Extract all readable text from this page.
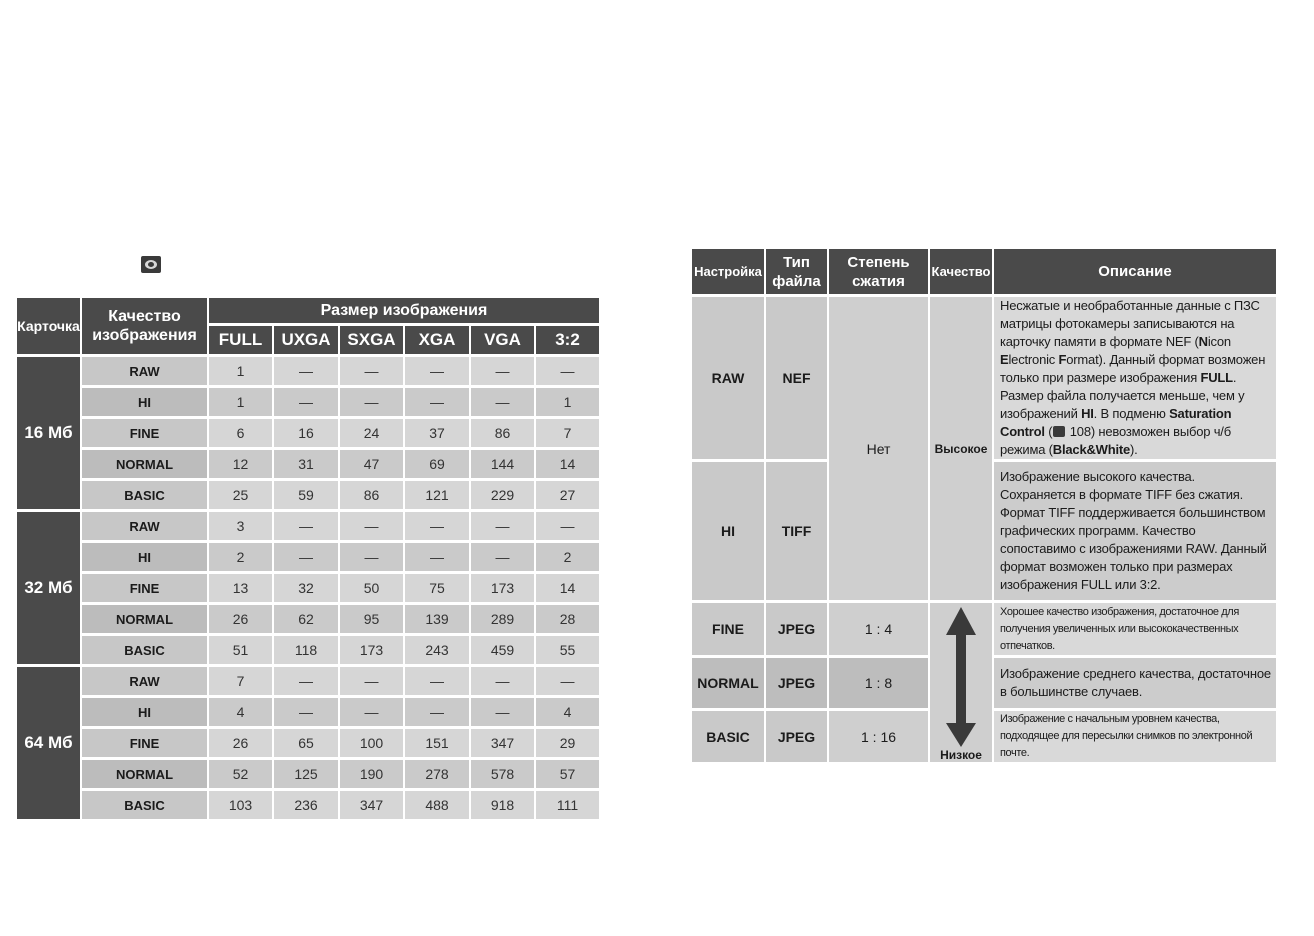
Карточка	Качество изображения	Размер изображения					
		FULL	UXGA	SXGA	XGA	VGA	3:2
16 Мб	RAW	1	—	—	—	—	—
	HI	1	—	—	—	—	1
	FINE	6	16	24	37	86	7
	NORMAL	12	31	47	69	144	14
	BASIC	25	59	86	121	229	27
32 Мб	RAW	3	—	—	—	—	—
	HI	2	—	—	—	—	2
	FINE	13	32	50	75	173	14
	NORMAL	26	62	95	139	289	28
	BASIC	51	118	173	243	459	55
64 Мб	RAW	7	—	—	—	—	—
	HI	4	—	—	—	—	4
	FINE	26	65	100	151	347	29
	NORMAL	52	125	190	278	578	57
	BASIC	103	236	347	488	918	111
Настройка	Тип файла	Степень сжатия	Качество	Описание
RAW	NEF	Нет	Высокое	Несжатые и необработанные данные с ПЗС матрицы фотокамеры записываются на карточку памяти в формате NEF (Nicon Electronic Format). Данный формат возможен только при размере изображения FULL. Размер файла получается меньше, чем у изображений HI. В подменю Saturation Control ( 108) невозможен выбор ч/б режима (Black&White).
HI	TIFF			Изображение высокого качества. Сохраняется в формате TIFF без сжатия. Формат TIFF поддерживается большинством графических программ. Качество сопоставимо с изображениями RAW. Данный формат возможен только при размерах изображения FULL или 3:2.
FINE	JPEG	1 : 4	Низкое	Хорошее качество изображения, достаточное для получения увеличенных или высококачественных отпечатков.
NORMAL	JPEG	1 : 8		Изображение среднего качества, достаточное в большинстве случаев.
BASIC	JPEG	1 : 16		Изображение с начальным уровнем качества, подходящее для пересылки снимков по электронной почте.
